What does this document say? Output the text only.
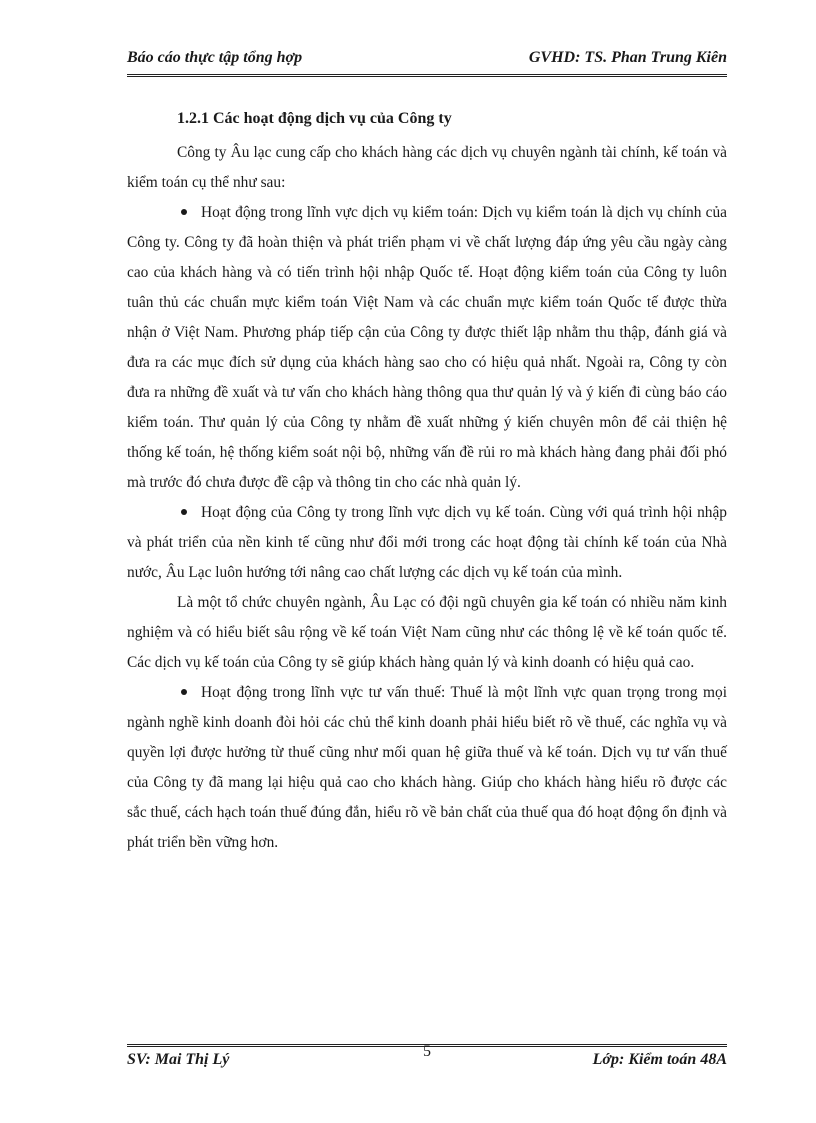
Báo cáo thực tập tổng hợp	GVHD: TS. Phan Trung Kiên
1.2.1 Các hoạt động dịch vụ của Công ty

Công ty Âu lạc cung cấp cho khách hàng các dịch vụ chuyên ngành tài chính, kế toán và kiểm toán cụ thể như sau:

Hoạt động trong lĩnh vực dịch vụ kiểm toán: Dịch vụ kiểm toán là dịch vụ chính của Công ty. Công ty đã hoàn thiện và phát triển phạm vi về chất lượng đáp ứng yêu cầu ngày càng cao của khách hàng và có tiến trình hội nhập Quốc tế. Hoạt động kiểm toán của Công ty luôn tuân thủ các chuẩn mực kiểm toán Việt Nam và các chuẩn mực kiểm toán Quốc tế được thừa nhận ở Việt Nam. Phương pháp tiếp cận của Công ty được thiết lập nhằm thu thập, đánh giá và đưa ra các mục đích sử dụng của khách hàng sao cho có hiệu quả nhất. Ngoài ra, Công ty còn đưa ra những đề xuất và tư vấn cho khách hàng thông qua thư quản lý và ý kiến đi cùng báo cáo kiểm toán. Thư quản lý của Công ty nhằm đề xuất những ý kiến chuyên môn để cải thiện hệ thống kế toán, hệ thống kiểm soát nội bộ, những vấn đề rủi ro mà khách hàng đang phải đối phó mà trước đó chưa được đề cập và thông tin cho các nhà quản lý.

Hoạt động của Công ty trong lĩnh vực dịch vụ kế toán. Cùng với quá trình hội nhập và phát triển của nền kinh tế cũng như đổi mới trong các hoạt động tài chính kế toán của Nhà nước, Âu Lạc luôn hướng tới nâng cao chất lượng các dịch vụ kế toán của mình.

Là một tổ chức chuyên ngành, Âu Lạc có đội ngũ chuyên gia kế toán có nhiều năm kinh nghiệm và có hiểu biết sâu rộng về kế toán Việt Nam cũng như các thông lệ về kế toán quốc tế. Các dịch vụ kế toán của Công ty sẽ giúp khách hàng quản lý và kinh doanh có hiệu quả cao.

Hoạt động trong lĩnh vực tư vấn thuế: Thuế là một lĩnh vực quan trọng trong mọi ngành nghề kinh doanh đòi hỏi các chủ thể kinh doanh phải hiểu biết rõ về thuế, các nghĩa vụ và quyền lợi được hưởng từ thuế cũng như mối quan hệ giữa thuế và kế toán. Dịch vụ tư vấn thuế của Công ty đã mang lại hiệu quả cao cho khách hàng. Giúp cho khách hàng hiểu rõ được các sắc thuế, cách hạch toán thuế đúng đắn, hiểu rõ về bản chất của thuế qua đó hoạt động ổn định và phát triển bền vững hơn.

SV: Mai Thị Lý	5	Lớp: Kiểm toán 48A
